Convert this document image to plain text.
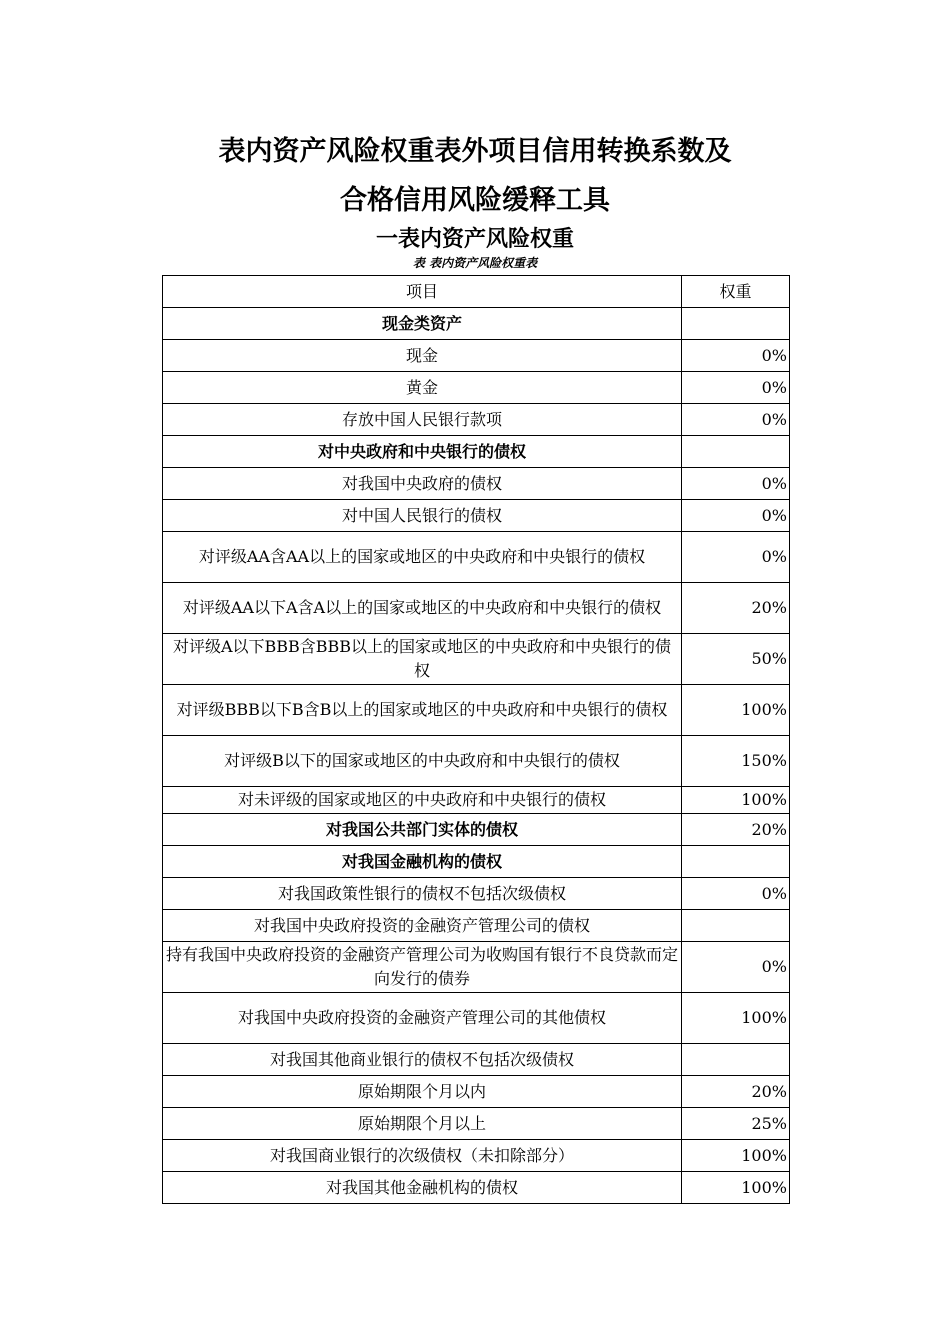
表内资产风险权重表外项目信用转换系数及
合格信用风险缓释工具
一表内资产风险权重
表 表内资产风险权重表
项目	权重
现金类资产	
现金	0%
黄金	0%
存放中国人民银行款项	0%
对中央政府和中央银行的债权	
对我国中央政府的债权	0%
对中国人民银行的债权	0%
对评级AA含AA以上的国家或地区的中央政府和中央银行的债权	0%
对评级AA以下A含A以上的国家或地区的中央政府和中央银行的债权	20%
对评级A以下BBB含BBB以上的国家或地区的中央政府和中央银行的债权	50%
对评级BBB以下B含B以上的国家或地区的中央政府和中央银行的债权	100%
对评级B以下的国家或地区的中央政府和中央银行的债权	150%
对未评级的国家或地区的中央政府和中央银行的债权	100%
对我国公共部门实体的债权	20%
对我国金融机构的债权	
对我国政策性银行的债权不包括次级债权	0%
对我国中央政府投资的金融资产管理公司的债权	
持有我国中央政府投资的金融资产管理公司为收购国有银行不良贷款而定向发行的债券	0%
对我国中央政府投资的金融资产管理公司的其他债权	100%
对我国其他商业银行的债权不包括次级债权	
原始期限个月以内	20%
原始期限个月以上	25%
对我国商业银行的次级债权（未扣除部分）	100%
对我国其他金融机构的债权	100%
